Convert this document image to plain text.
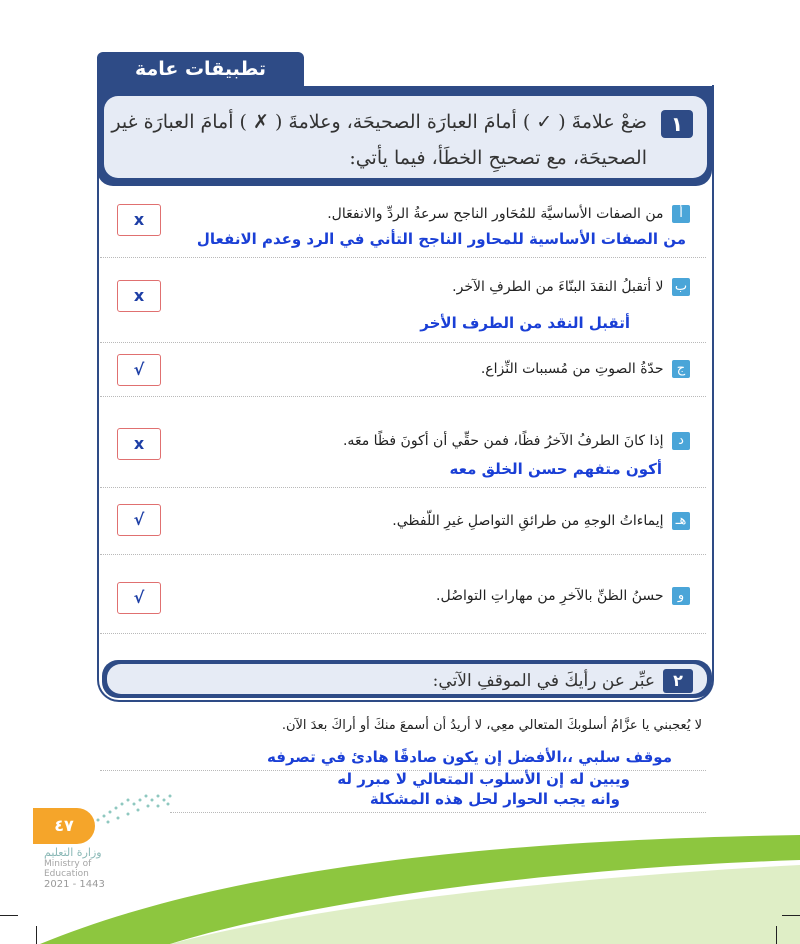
تطبيقات عامة
١
ضعْ علامةَ ( ✓ ) أمامَ العبارَة الصحيحَة، وعلامةَ ( ✗ ) أمامَ العبارَة غير الصحيحَة، مع تصحيحِ الخطَأ، فيما يأتي:
أ من الصفات الأساسيَّة للمُحَاور الناجح سرعةُ الردِّ والانفعَال.
من الصفات الأساسية للمحاور الناجح التأني في الرد وعدم الانفعال
x
ب لا أتقبلُ النقدَ البنّاءَ من الطرفِ الآخر.
أتقبل النقد من الطرف الأخر
x
ج حدّةُ الصوتِ من مُسببات النِّزاع.
√
د إذا كانَ الطرفُ الآخرُ فظًا، فمن حقِّي أن أكونَ فظًا معَه.
أكون متفهم حسن الخلق معه
x
هـ إيماءاتُ الوجهِ من طرائقِ التواصلِ غيرِ اللّفظي.
√
و حسنُ الظنِّ بالآخرِ من مهاراتِ التواصُل.
√
٢
عبِّر عن رأيكَ في الموقفِ الآتي:
لا يُعجبني يا عزَّامُ أسلوبكَ المتعالي معِي، لا أريدُ أن أسمعَ منكَ أو أراكَ بعدَ الآن.
موقف سلبي ،،الأفضل إن يكون صادقًا هادئ في تصرفه
ويبين له إن الأسلوب المتعالي لا مبرر له
وانه يجب الحوار لحل هذه المشكلة
٤٧
وزارة التعليم
Ministry of Education
2021 - 1443
